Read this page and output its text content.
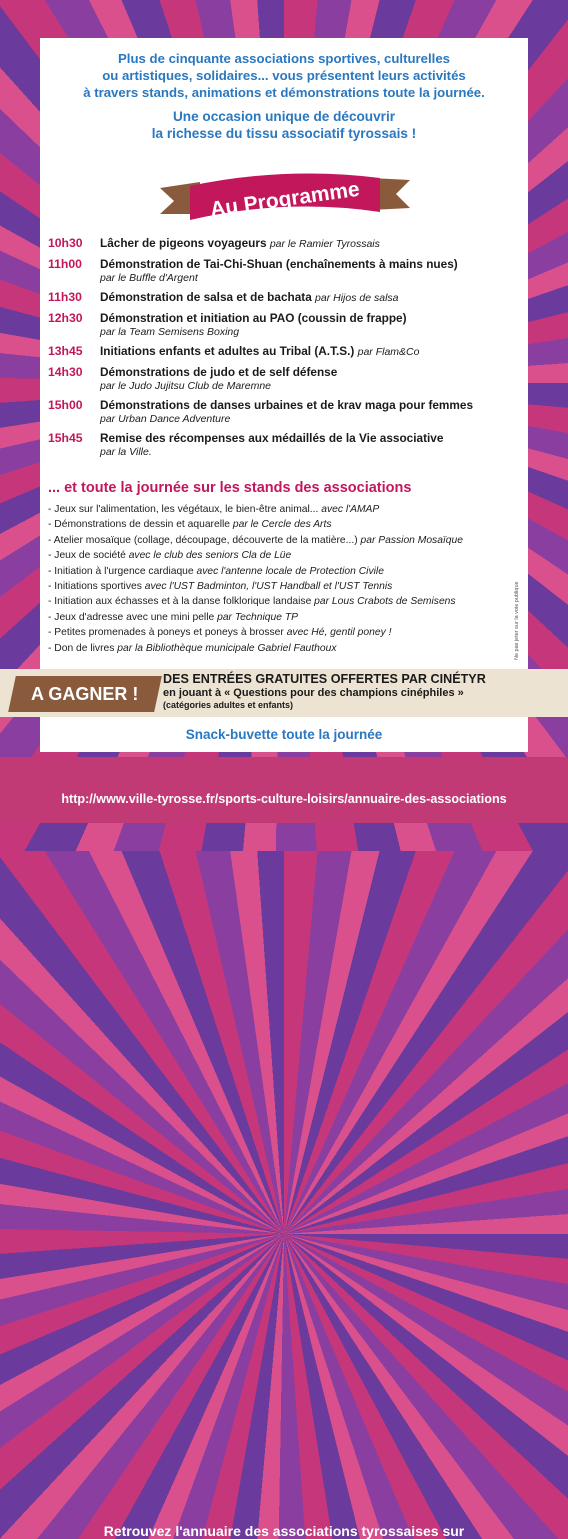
Plus de cinquante associations sportives, culturelles

ou artistiques, solidaires... vous présentent leurs activités

à travers stands, animations et démonstrations toute la journée.

Une occasion unique de découvrir

la richesse du tissu associatif tyrossais !

Au Programme
10h30	Lâcher de pigeons voyageurs par le Ramier Tyrossais
11h00	Démonstration de Tai-Chi-Shuan (enchaînements à mains nues)
par le Buffle d'Argent
11h30	Démonstration de salsa et de bachata par Hijos de salsa
12h30	Démonstration et initiation au PAO (coussin de frappe)
par la Team Semisens Boxing
13h45	Initiations enfants et adultes au Tribal (A.T.S.) par Flam&Co
14h30	Démonstrations de judo et de self défense
par le Judo Jujitsu Club de Maremne
15h00	Démonstrations de danses urbaines et de krav maga pour femmes
par Urban Dance Adventure
15h45	Remise des récompenses aux médaillés de la Vie associative
par la Ville.
... et toute la journée sur les stands des associations
- Jeux sur l'alimentation, les végétaux, le bien-être animal... avec l'AMAP
- Démonstrations de dessin et aquarelle par le Cercle des Arts
- Atelier mosaïque (collage, découpage, découverte de la matière...) par Passion Mosaïque
- Jeux de société avec le club des seniors Cla de Lüe
- Initiation à l'urgence cardiaque avec l'antenne locale de Protection Civile
- Initiations sportives avec l'UST Badminton, l'UST Handball et l'UST Tennis
- Initiation aux échasses et à la danse folklorique landaise par Lous Crabots de Semisens
- Jeux d'adresse avec une mini pelle par Technique TP
- Petites promenades à poneys et poneys à brosser avec Hé, gentil poney !
- Don de livres par la Bibliothèque municipale Gabriel Fauthoux	Ne pas jeter sur la voie publique
A GAGNER !
DES ENTRÉES GRATUITES OFFERTES PAR CINÉTYR
en jouant à « Questions pour des champions cinéphiles »
(catégories adultes et enfants)
Snack-buvette toute la journée
Retrouvez l'annuaire des associations tyrossaises sur
http://www.ville-tyrosse.fr/sports-culture-loisirs/annuaire-des-associations
